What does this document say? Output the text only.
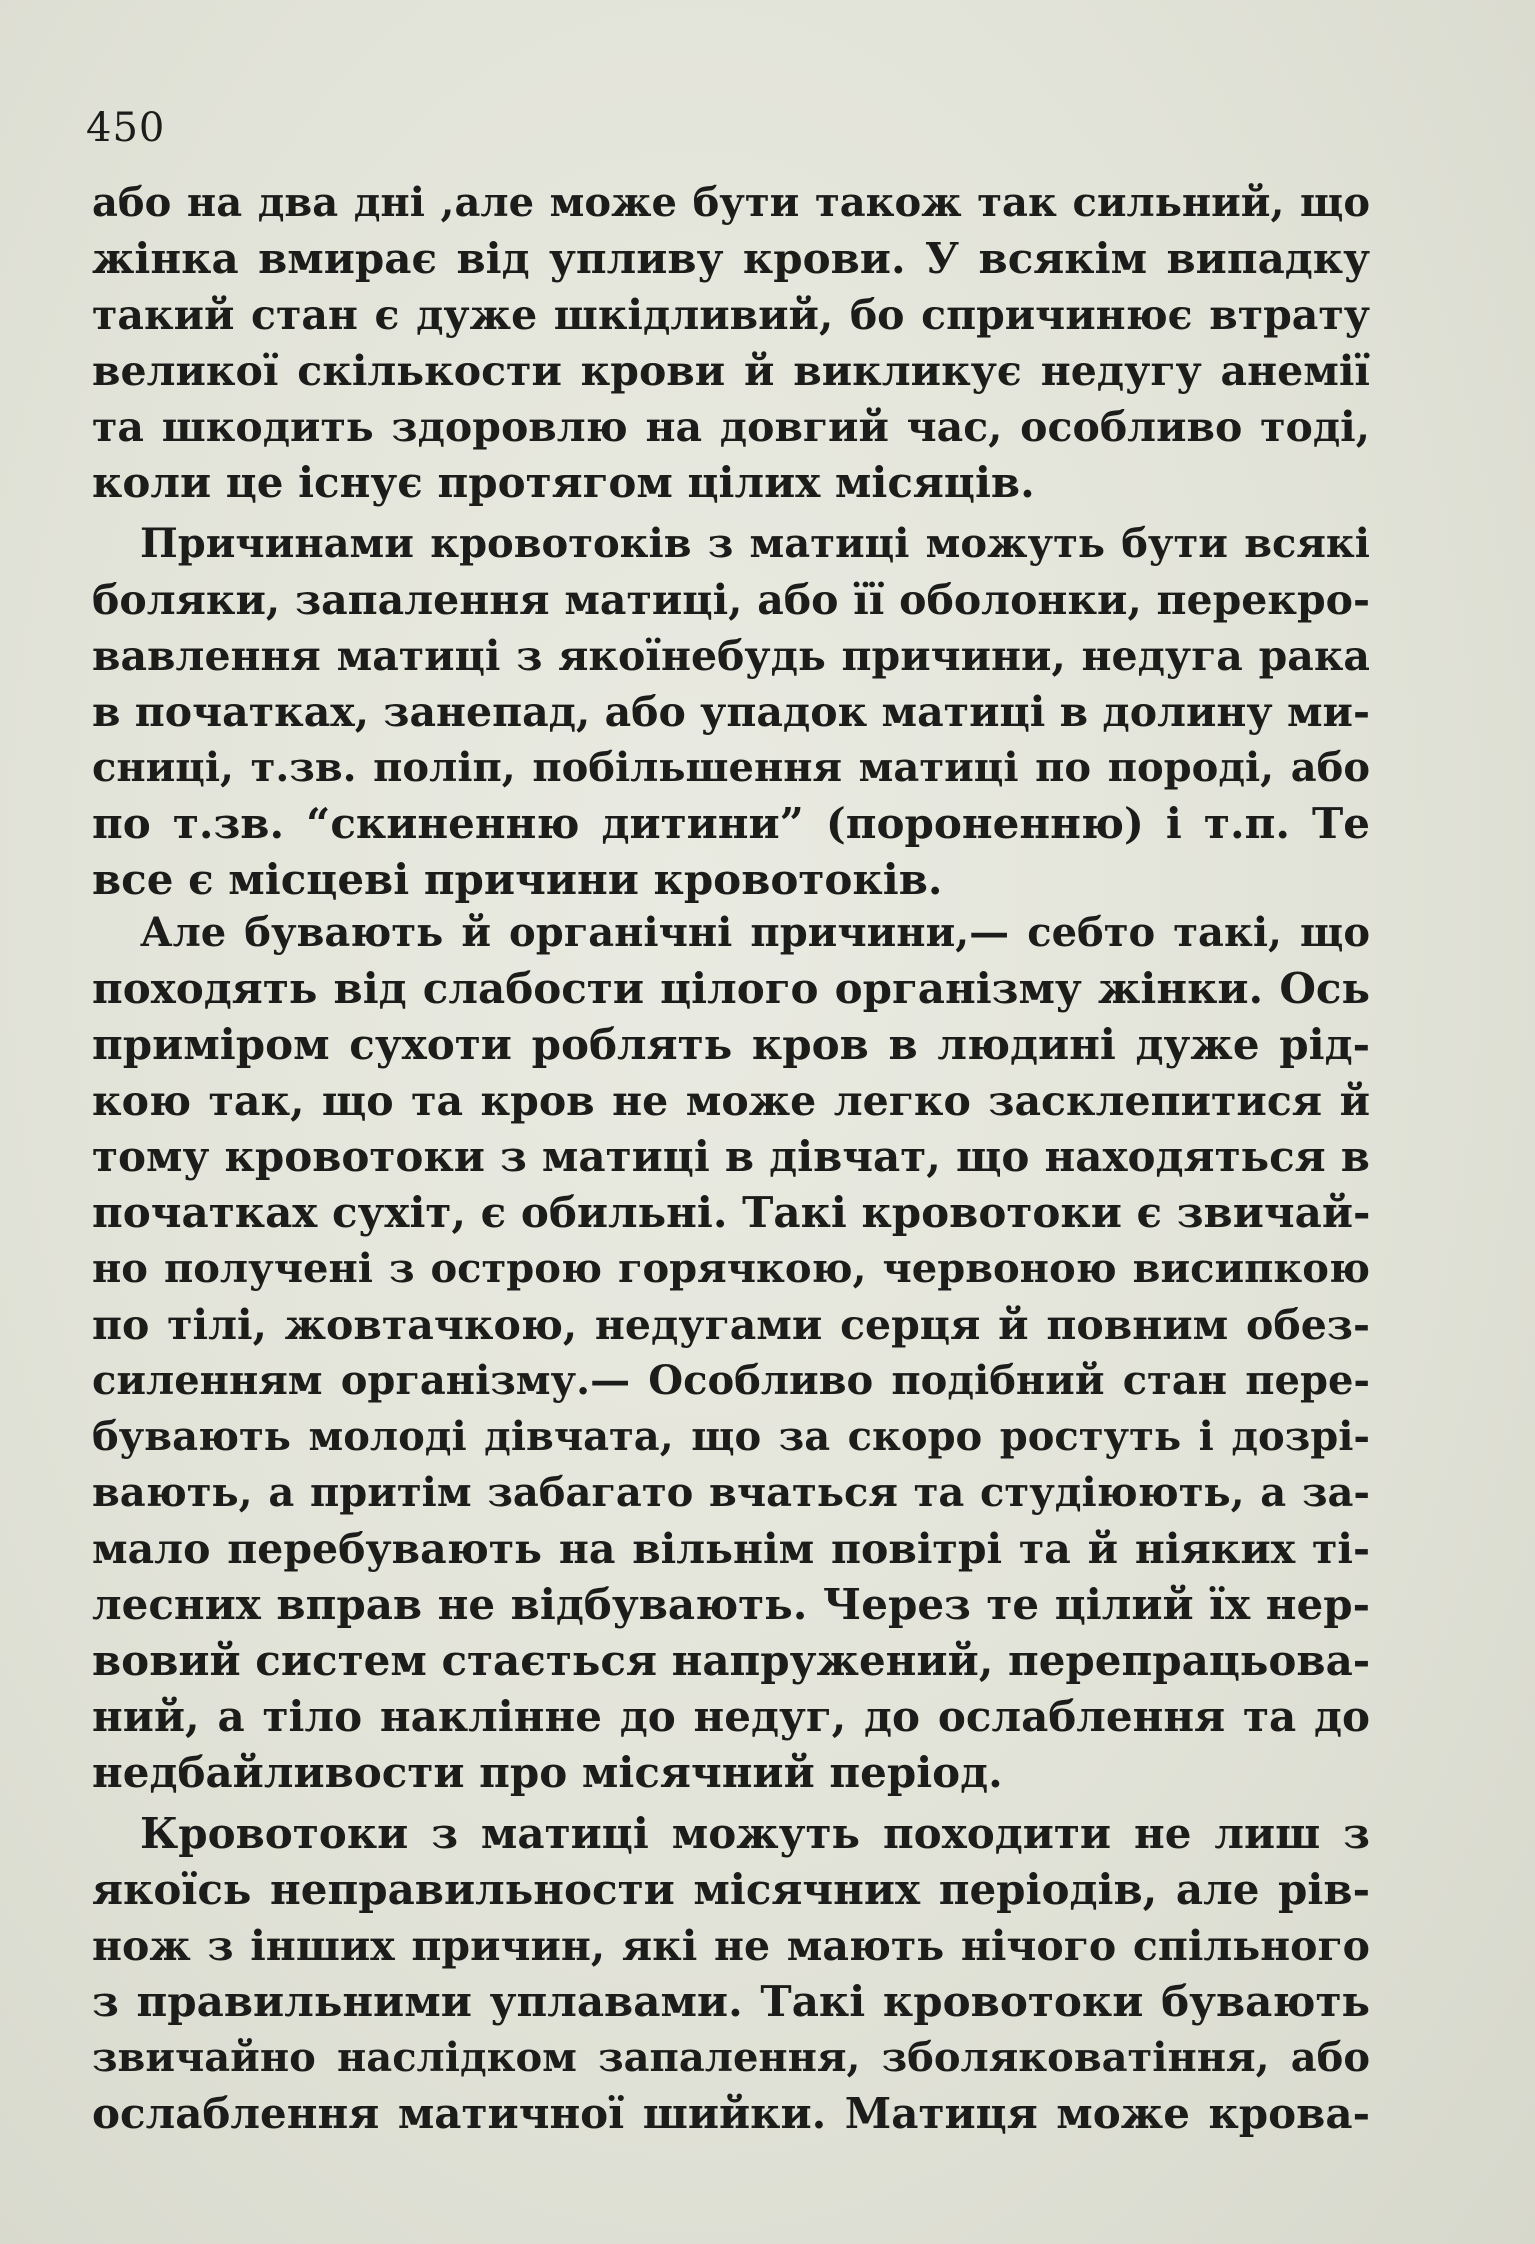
450
або на два дні ,але може бути також так сильний, що
жінка вмирає від упливу крови. У всякім випадку
такий стан є дуже шкідливий, бо спричинює втрату
великої скількости крови й викликує недугу анемії
та шкодить здоровлю на довгий час, особливо тоді,
коли це існує протягом цілих місяців.
Причинами кровотоків з матиці можуть бути всякі
боляки, запалення матиці, або її оболонки, перекро-
вавлення матиці з якоїнебудь причини, недуга рака
в початках, занепад, або упадок матиці в долину ми-
сниці, т.зв. поліп, побільшення матиці по породі, або
по т.зв. “скиненню дитини” (пороненню) і т.п. Те
все є місцеві причини кровотоків.
Але бувають й органічні причини,— себто такі, що
походять від слабости цілого організму жінки. Ось
приміром сухоти роблять кров в людині дуже рід-
кою так, що та кров не може легко засклепитися й
тому кровотоки з матиці в дівчат, що находяться в
початках сухіт, є обильні. Такі кровотоки є звичай-
но получені з острою горячкою, червоною висипкою
по тілі, жовтачкою, недугами серця й повним обез-
силенням організму.— Особливо подібний стан пере-
бувають молоді дівчата, що за скоро ростуть і дозрі-
вають, а притім забагато вчаться та студіюють, а за-
мало перебувають на вільнім повітрі та й ніяких ті-
лесних вправ не відбувають. Через те цілий їх нер-
вовий систем стається напружений, перепрацьова-
ний, а тіло наклінне до недуг, до ослаблення та до
недбайливости про місячний період.
Кровотоки з матиці можуть походити не лиш з
якоїсь неправильности місячних періодів, але рів-
нож з інших причин, які не мають нічого спільного
з правильними уплавами. Такі кровотоки бувають
звичайно наслідком запалення, зболяковатіння, або
ослаблення матичної шийки. Матиця може крова-
